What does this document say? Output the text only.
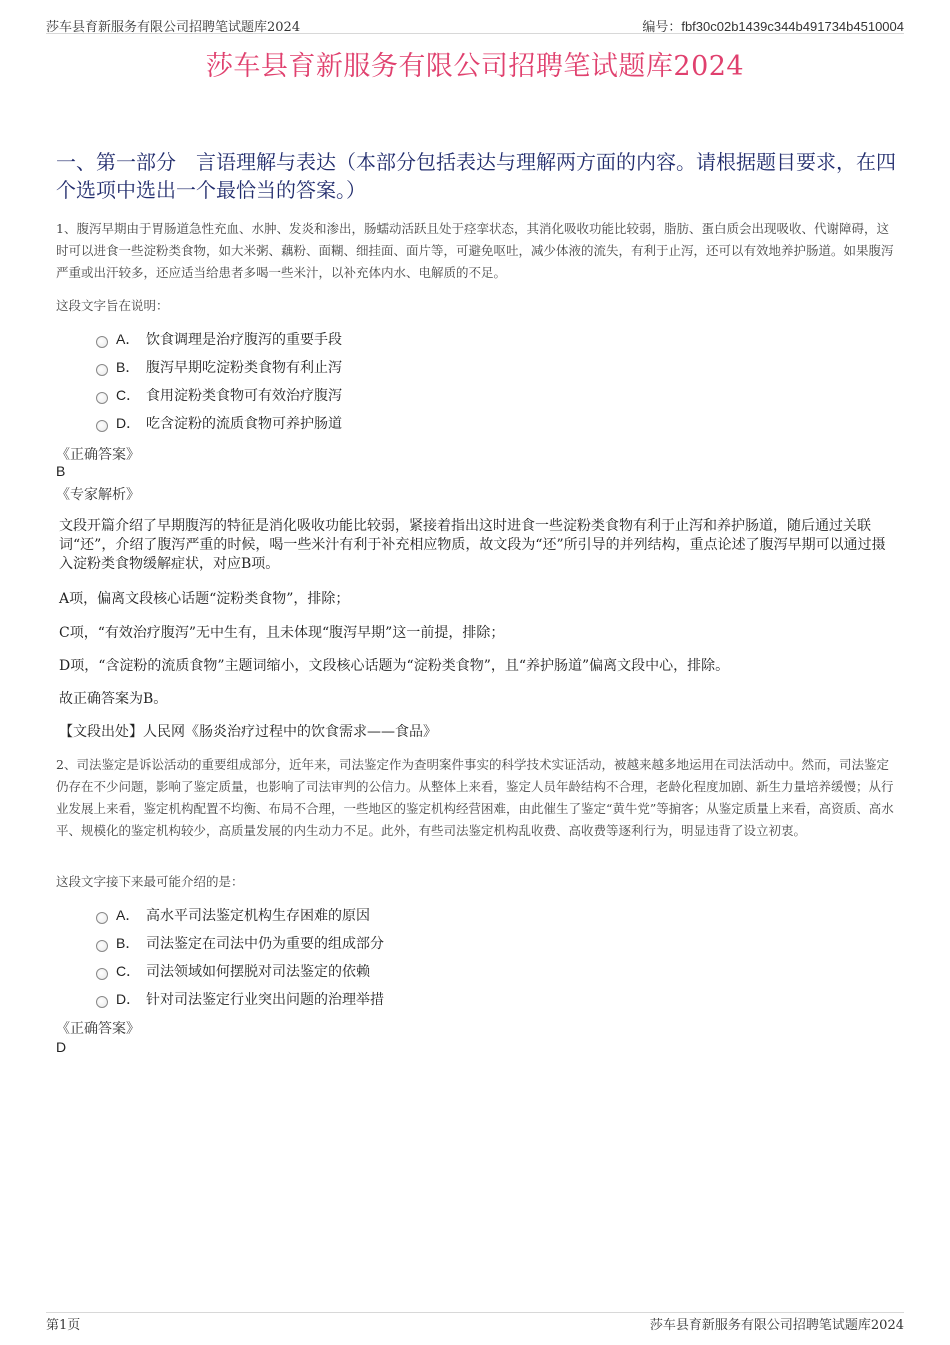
莎车县育新服务有限公司招聘笔试题库2024	编号：fbf30c02b1439c344b491734b4510004
莎车县育新服务有限公司招聘笔试题库2024
一、第一部分　言语理解与表达（本部分包括表达与理解两方面的内容。请根据题目要求，在四个选项中选出一个最恰当的答案。）
1、腹泻早期由于胃肠道急性充血、水肿、发炎和渗出，肠蠕动活跃且处于痉挛状态，其消化吸收功能比较弱，脂肪、蛋白质会出现吸收、代谢障碍，这时可以进食一些淀粉类食物，如大米粥、藕粉、面糊、细挂面、面片等，可避免呕吐，减少体液的流失，有利于止泻，还可以有效地养护肠道。如果腹泻严重或出汗较多，还应适当给患者多喝一些米汁，以补充体内水、电解质的不足。
这段文字旨在说明：
A． 饮食调理是治疗腹泻的重要手段
B． 腹泻早期吃淀粉类食物有利止泻
C． 食用淀粉类食物可有效治疗腹泻
D． 吃含淀粉的流质食物可养护肠道
《正确答案》
B
《专家解析》
文段开篇介绍了早期腹泻的特征是消化吸收功能比较弱，紧接着指出这时进食一些淀粉类食物有利于止泻和养护肠道，随后通过关联词“还”，介绍了腹泻严重的时候，喝一些米汁有利于补充相应物质，故文段为“还”所引导的并列结构，重点论述了腹泻早期可以通过摄入淀粉类食物缓解症状，对应B项。
A项，偏离文段核心话题“淀粉类食物”，排除；
C项，“有效治疗腹泻”无中生有，且未体现“腹泻早期”这一前提，排除；
D项，“含淀粉的流质食物”主题词缩小，文段核心话题为“淀粉类食物”，且“养护肠道”偏离文段中心，排除。
故正确答案为B。
【文段出处】人民网《肠炎治疗过程中的饮食需求——食品》
2、司法鉴定是诉讼活动的重要组成部分，近年来，司法鉴定作为查明案件事实的科学技术实证活动，被越来越多地运用在司法活动中。然而，司法鉴定仍存在不少问题，影响了鉴定质量，也影响了司法审判的公信力。从整体上来看，鉴定人员年龄结构不合理，老龄化程度加剧、新生力量培养缓慢；从行业发展上来看，鉴定机构配置不均衡、布局不合理，一些地区的鉴定机构经营困难，由此催生了鉴定“黄牛党”等掮客；从鉴定质量上来看，高资质、高水平、规模化的鉴定机构较少，高质量发展的内生动力不足。此外，有些司法鉴定机构乱收费、高收费等逐利行为，明显违背了设立初衷。
这段文字接下来最可能介绍的是：
A． 高水平司法鉴定机构生存困难的原因
B． 司法鉴定在司法中仍为重要的组成部分
C． 司法领域如何摆脱对司法鉴定的依赖
D． 针对司法鉴定行业突出问题的治理举措
《正确答案》
D
第1页	莎车县育新服务有限公司招聘笔试题库2024
